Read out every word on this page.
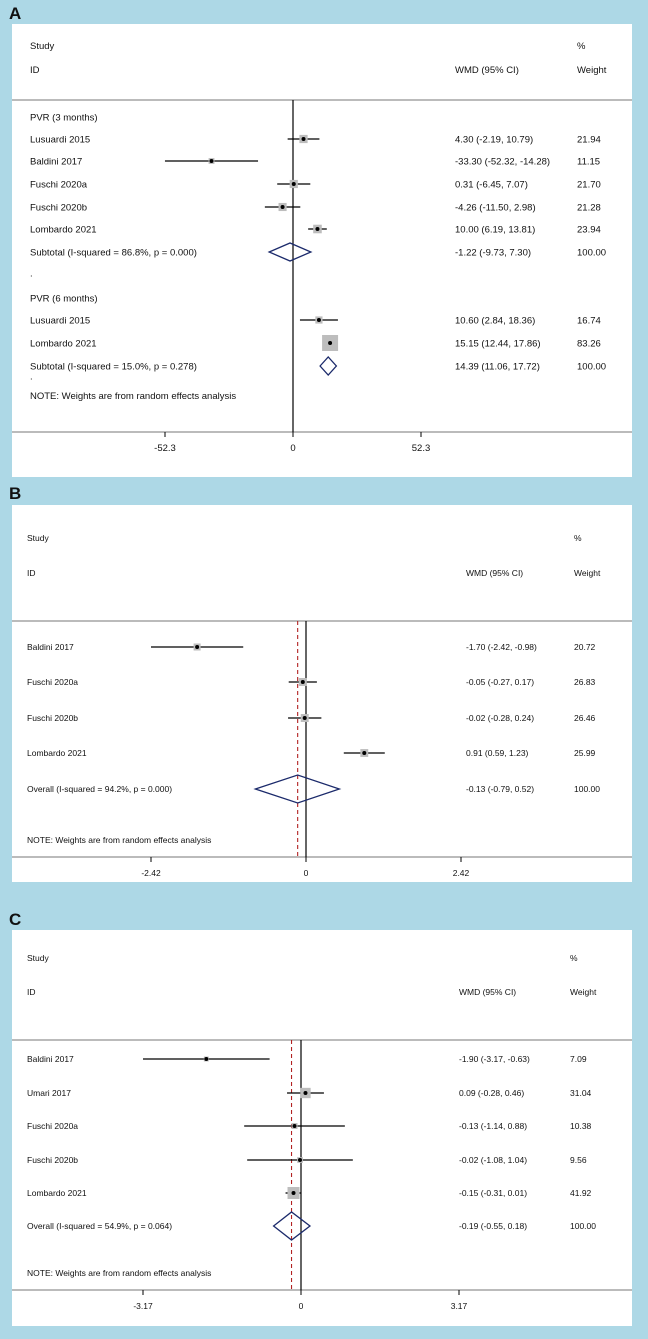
A
B
C
Study
ID	WMD (95% CI)
%
Weight
-52.3	0	52.3
PVR (3 months)
Lusuardi 2015	4.30 (-2.19, 10.79)	21.94
Baldini 2017	-33.30 (-52.32, -14.28)	11.15
Fuschi 2020a	0.31 (-6.45, 7.07)	21.70
Fuschi 2020b	-4.26 (-11.50, 2.98)	21.28
Lombardo 2021	10.00 (6.19, 13.81)	23.94
Subtotal (I-squared = 86.8%, p = 0.000)	-1.22 (-9.73, 7.30)	100.00
.
PVR (6 months)
Lusuardi 2015	10.60 (2.84, 18.36)	16.74
Lombardo 2021	15.15 (12.44, 17.86)	83.26
Subtotal (I-squared = 15.0%, p = 0.278)	14.39 (11.06, 17.72)	100.00
.
NOTE: Weights are from random effects analysis
Study
ID	WMD (95% CI)
%
Weight
-2.42	0	2.42
Baldini 2017	-1.70 (-2.42, -0.98)	20.72
Fuschi 2020a	-0.05 (-0.27, 0.17)	26.83
Fuschi 2020b	-0.02 (-0.28, 0.24)	26.46
Lombardo 2021	0.91 (0.59, 1.23)	25.99
Overall (I-squared = 94.2%, p = 0.000)	-0.13 (-0.79, 0.52)	100.00
NOTE: Weights are from random effects analysis
Study
ID	WMD (95% CI)
%
Weight
-3.17	0	3.17
Baldini 2017	-1.90 (-3.17, -0.63)	7.09
Umari 2017	0.09 (-0.28, 0.46)	31.04
Fuschi 2020a	-0.13 (-1.14, 0.88)	10.38
Fuschi 2020b	-0.02 (-1.08, 1.04)	9.56
Lombardo 2021	-0.15 (-0.31, 0.01)	41.92
Overall (I-squared = 54.9%, p = 0.064)	-0.19 (-0.55, 0.18)	100.00
NOTE: Weights are from random effects analysis
